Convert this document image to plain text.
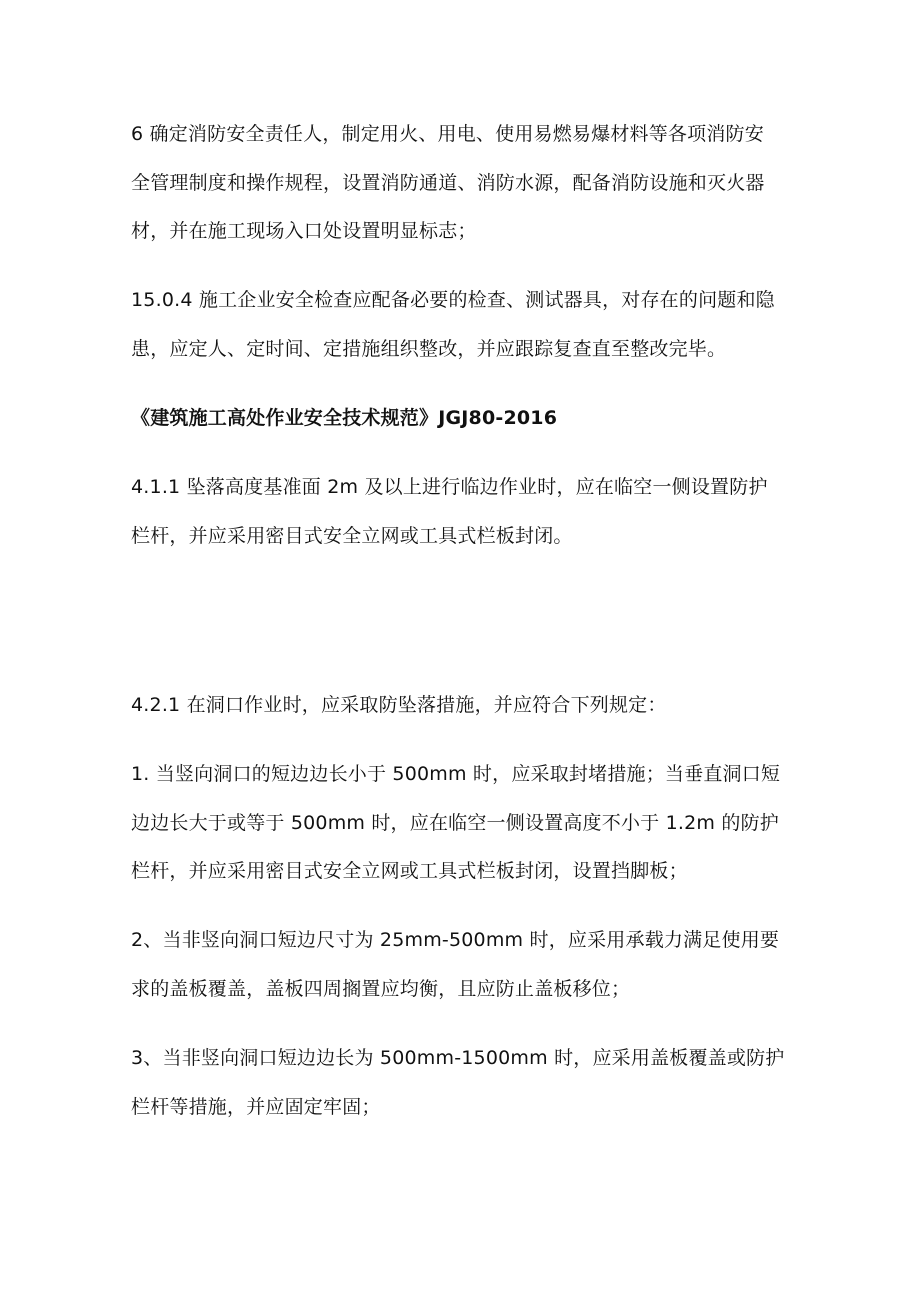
6 确定消防安全责任人，制定用火、用电、使用易燃易爆材料等各项消防安
全管理制度和操作规程，设置消防通道、消防水源，配备消防设施和灭火器
材，并在施工现场入口处设置明显标志；
15.0.4 施工企业安全检查应配备必要的检查、测试器具，对存在的问题和隐
患，应定人、定时间、定措施组织整改，并应跟踪复查直至整改完毕。
《建筑施工高处作业安全技术规范》JGJ80-2016
4.1.1 坠落高度基准面 2m 及以上进行临边作业时，应在临空一侧设置防护
栏杆，并应采用密目式安全立网或工具式栏板封闭。
4.2.1 在洞口作业时，应采取防坠落措施，并应符合下列规定：
1. 当竖向洞口的短边边长小于 500mm 时，应采取封堵措施；当垂直洞口短
边边长大于或等于 500mm 时，应在临空一侧设置高度不小于 1.2m 的防护
栏杆，并应采用密目式安全立网或工具式栏板封闭，设置挡脚板；
2、当非竖向洞口短边尺寸为 25mm-500mm 时，应采用承载力满足使用要
求的盖板覆盖，盖板四周搁置应均衡，且应防止盖板移位；
3、当非竖向洞口短边边长为 500mm-1500mm 时，应采用盖板覆盖或防护
栏杆等措施，并应固定牢固；
